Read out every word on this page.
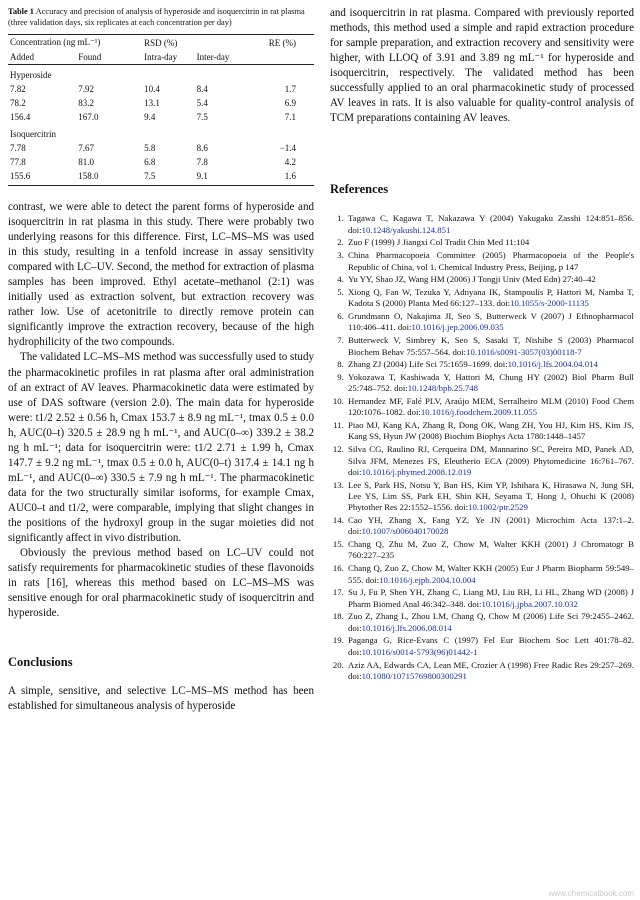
Table 1 Accuracy and precision of analysis of hyperoside and isoquercitrin in rat plasma (three validation days, six replicates at each concentration per day)
Concentration (ng mL⁻¹)		RSD (%)		RE (%)
Added	Found	Intra-day	Inter-day	
Hyperoside				
7.82	7.92	10.4	8.4	1.7
78.2	83.2	13.1	5.4	6.9
156.4	167.0	9.4	7.5	7.1
Isoquercitrin				
7.78	7.67	5.8	8.6	−1.4
77.8	81.0	6.8	7.8	4.2
155.6	158.0	7.5	9.1	1.6

contrast, we were able to detect the parent forms of hyperoside and isoquercitrin in rat plasma in this study. There were probably two underlying reasons for this difference. First, LC–MS–MS was used in this study, resulting in a tenfold increase in assay sensitivity compared with LC–UV. Second, the method for extraction of plasma samples has been improved. Ethyl acetate–methanol (2:1) was initially used as extraction solvent, but extraction recovery was rather low. Use of acetonitrile to directly remove protein can significantly improve the extraction recovery, because of the high hydrophilicity of the two compounds.

The validated LC–MS–MS method was successfully used to study the pharmacokinetic profiles in rat plasma after oral administration of an extract of AV leaves. Pharmacokinetic data were estimated by use of DAS software (version 2.0). The main data for hyperoside were: t1/2 2.52 ± 0.56 h, Cmax 153.7 ± 8.9 ng mL⁻¹, tmax 0.5 ± 0.0 h, AUC(0–t) 320.5 ± 28.9 ng h mL⁻¹, and AUC(0–∞) 339.2 ± 38.2 ng h mL⁻¹; data for isoquercitrin were: t1/2 2.71 ± 1.99 h, Cmax 147.7 ± 9.2 ng mL⁻¹, tmax 0.5 ± 0.0 h, AUC(0–t) 317.4 ± 14.1 ng h mL⁻¹, and AUC(0–∞) 330.5 ± 7.9 ng h mL⁻¹. The pharmacokinetic data for the two structurally similar isoforms, for example Cmax, AUC0–t and t1/2, were comparable, implying that slight changes in the positions of the hydroxyl group in the sugar moieties did not significantly affect in vivo distribution.

Obviously the previous method based on LC–UV could not satisfy requirements for pharmacokinetic studies of these flavonoids in rats [16], whereas this method based on LC–MS–MS was sensitive enough for oral pharmacokinetic study of isoquercitrin and hyperoside.

Conclusions

A simple, sensitive, and selective LC–MS–MS method has been established for simultaneous analysis of hyperoside

and isoquercitrin in rat plasma. Compared with previously reported methods, this method used a simple and rapid extraction procedure for sample preparation, and extraction recovery and sensitivity were higher, with LLOQ of 3.91 and 3.89 ng mL⁻¹ for hyperoside and isoquercitrin, respectively. The validated method has been successfully applied to an oral pharmacokinetic study of processed AV leaves in rats. It is also valuable for quality-control analysis of TCM preparations containing AV leaves.

References
1. Tagawa C, Kagawa T, Nakazawa Y (2004) Yakugaku Zasshi 124:851–856. doi:10.1248/yakushi.124.851
2. Zuo F (1999) J Jiangxi Col Tradit Chin Med 11:104
3. China Pharmacopoeia Committee (2005) Pharmacopoeia of the People's Republic of China, vol 1. Chemical Industry Press, Beijing, p 147
4. Yu YY, Shao JZ, Wang HM (2006) J Tongji Univ (Med Edn) 27:40–42
5. Xiong Q, Fan W, Tezuka Y, Adnyana IK, Stampoulis P, Hattori M, Namba T, Kadota S (2000) Planta Med 66:127–133. doi:10.1055/s-2000-11135
6. Grundmann O, Nakajima JI, Seo S, Butterweck V (2007) J Ethnopharmacol 110:406–411. doi:10.1016/j.jep.2006.09.035
7. Butterweck V, Simbrey K, Seo S, Sasaki T, Nishibe S (2003) Pharmacol Biochem Behav 75:557–564. doi:10.1016/s0091-3057(03)00118-7
8. Zhang ZJ (2004) Life Sci 75:1659–1699. doi:10.1016/j.lfs.2004.04.014
9. Yokozawa T, Kashiwada Y, Hattori M, Chung HY (2002) Biol Pharm Bull 25:748–752. doi:10.1248/bpb.25.748
10. Hernandez MF, Falé PLV, Araújo MEM, Serralheiro MLM (2010) Food Chem 120:1076–1082. doi:10.1016/j.foodchem.2009.11.055
11. Piao MJ, Kang KA, Zhang R, Dong OK, Wang ZH, You HJ, Kim HS, Kim JS, Kang SS, Hyun JW (2008) Biochim Biophys Acta 1780:1448–1457
12. Silva CG, Raulino RJ, Cerqueira DM, Mannarino SC, Pereira MD, Panek AD, Silva JFM, Menezes FS, Eleutherio ECA (2009) Phytomedicine 16:761–767. doi:10.1016/j.phymed.2008.12.019
13. Lee S, Park HS, Notsu Y, Ban HS, Kim YP, Ishihara K, Hirasawa N, Jung SH, Lee YS, Lim SS, Park EH, Shin KH, Seyama T, Hong J, Ohuchi K (2008) Phytother Res 22:1552–1556. doi:10.1002/ptr.2529
14. Cao YH, Zhang X, Fang YZ, Ye JN (2001) Microchim Acta 137:1–2. doi:10.1007/s006040170028
15. Chang Q, Zhu M, Zuo Z, Chow M, Walter KKH (2001) J Chromatogr B 760:227–235
16. Chang Q, Zuo Z, Chow M, Walter KKH (2005) Eur J Pharm Biopharm 59:549–555. doi:10.1016/j.ejpb.2004.10.004
17. Su J, Fu P, Shen YH, Zhang C, Liang MJ, Liu RH, Li HL, Zhang WD (2008) J Pharm Biomed Anal 46:342–348. doi:10.1016/j.jpba.2007.10.032
18. Zuo Z, Zhang L, Zhou LM, Chang Q, Chow M (2006) Life Sci 79:2455–2462. doi:10.1016/j.lfs.2006.08.014
19. Paganga G, Rice-Evans C (1997) Fel Eur Biochem Soc Lett 401:78–82. doi:10.1016/s0014-5793(96)01442-1
20. Aziz AA, Edwards CA, Lean ME, Crozier A (1998) Free Radic Res 29:257–269. doi:10.1080/10715769800300291
www.chemicalbook.com
